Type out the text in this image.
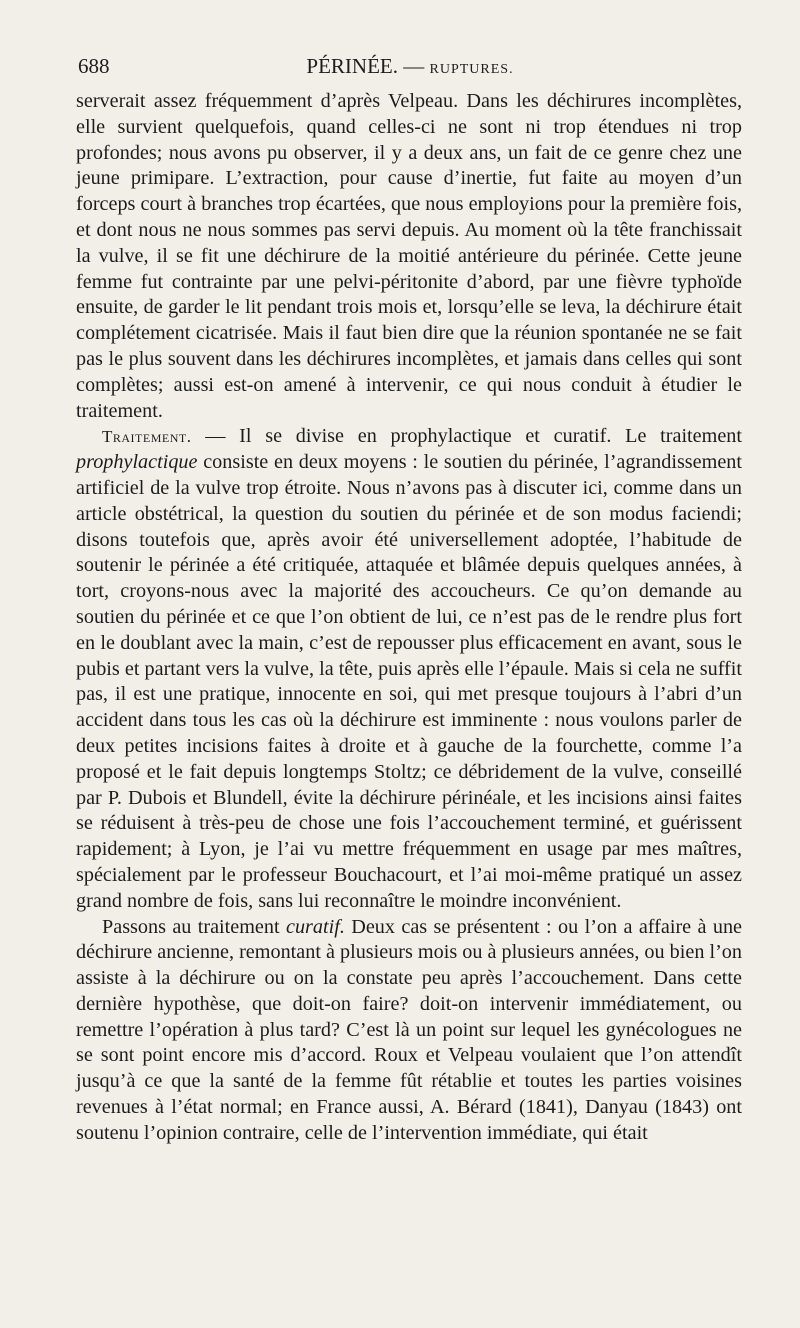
688	PÉRINÉE. — RUPTURES.

serverait assez fréquemment d’après Velpeau. Dans les déchirures incomplètes, elle survient quelquefois, quand celles-ci ne sont ni trop étendues ni trop profondes; nous avons pu observer, il y a deux ans, un fait de ce genre chez une jeune primipare. L’extraction, pour cause d’inertie, fut faite au moyen d’un forceps court à branches trop écartées, que nous employions pour la première fois, et dont nous ne nous sommes pas servi depuis. Au moment où la tête franchissait la vulve, il se fit une déchirure de la moitié antérieure du périnée. Cette jeune femme fut contrainte par une pelvi-péritonite d’abord, par une fièvre typhoïde ensuite, de garder le lit pendant trois mois et, lorsqu’elle se leva, la déchirure était complétement cicatrisée. Mais il faut bien dire que la réunion spontanée ne se fait pas le plus souvent dans les déchirures incomplètes, et jamais dans celles qui sont complètes; aussi est-on amené à intervenir, ce qui nous conduit à étudier le traitement.

Traitement. — Il se divise en prophylactique et curatif. Le traitement prophylactique consiste en deux moyens : le soutien du périnée, l’agrandissement artificiel de la vulve trop étroite. Nous n’avons pas à discuter ici, comme dans un article obstétrical, la question du soutien du périnée et de son modus faciendi; disons toutefois que, après avoir été universellement adoptée, l’habitude de soutenir le périnée a été critiquée, attaquée et blâmée depuis quelques années, à tort, croyons-nous avec la majorité des accoucheurs. Ce qu’on demande au soutien du périnée et ce que l’on obtient de lui, ce n’est pas de le rendre plus fort en le doublant avec la main, c’est de repousser plus efficacement en avant, sous le pubis et partant vers la vulve, la tête, puis après elle l’épaule. Mais si cela ne suffit pas, il est une pratique, innocente en soi, qui met presque toujours à l’abri d’un accident dans tous les cas où la déchirure est imminente : nous voulons parler de deux petites incisions faites à droite et à gauche de la fourchette, comme l’a proposé et le fait depuis longtemps Stoltz; ce débridement de la vulve, conseillé par P. Dubois et Blundell, évite la déchirure périnéale, et les incisions ainsi faites se réduisent à très-peu de chose une fois l’accouchement terminé, et guérissent rapidement; à Lyon, je l’ai vu mettre fréquemment en usage par mes maîtres, spécialement par le professeur Bouchacourt, et l’ai moi-même pratiqué un assez grand nombre de fois, sans lui reconnaître le moindre inconvénient.

Passons au traitement curatif. Deux cas se présentent : ou l’on a affaire à une déchirure ancienne, remontant à plusieurs mois ou à plusieurs années, ou bien l’on assiste à la déchirure ou on la constate peu après l’accouchement. Dans cette dernière hypothèse, que doit-on faire? doit-on intervenir immédiatement, ou remettre l’opération à plus tard? C’est là un point sur lequel les gynécologues ne se sont point encore mis d’accord. Roux et Velpeau voulaient que l’on attendît jusqu’à ce que la santé de la femme fût rétablie et toutes les parties voisines revenues à l’état normal; en France aussi, A. Bérard (1841), Danyau (1843) ont soutenu l’opinion contraire, celle de l’intervention immédiate, qui était
